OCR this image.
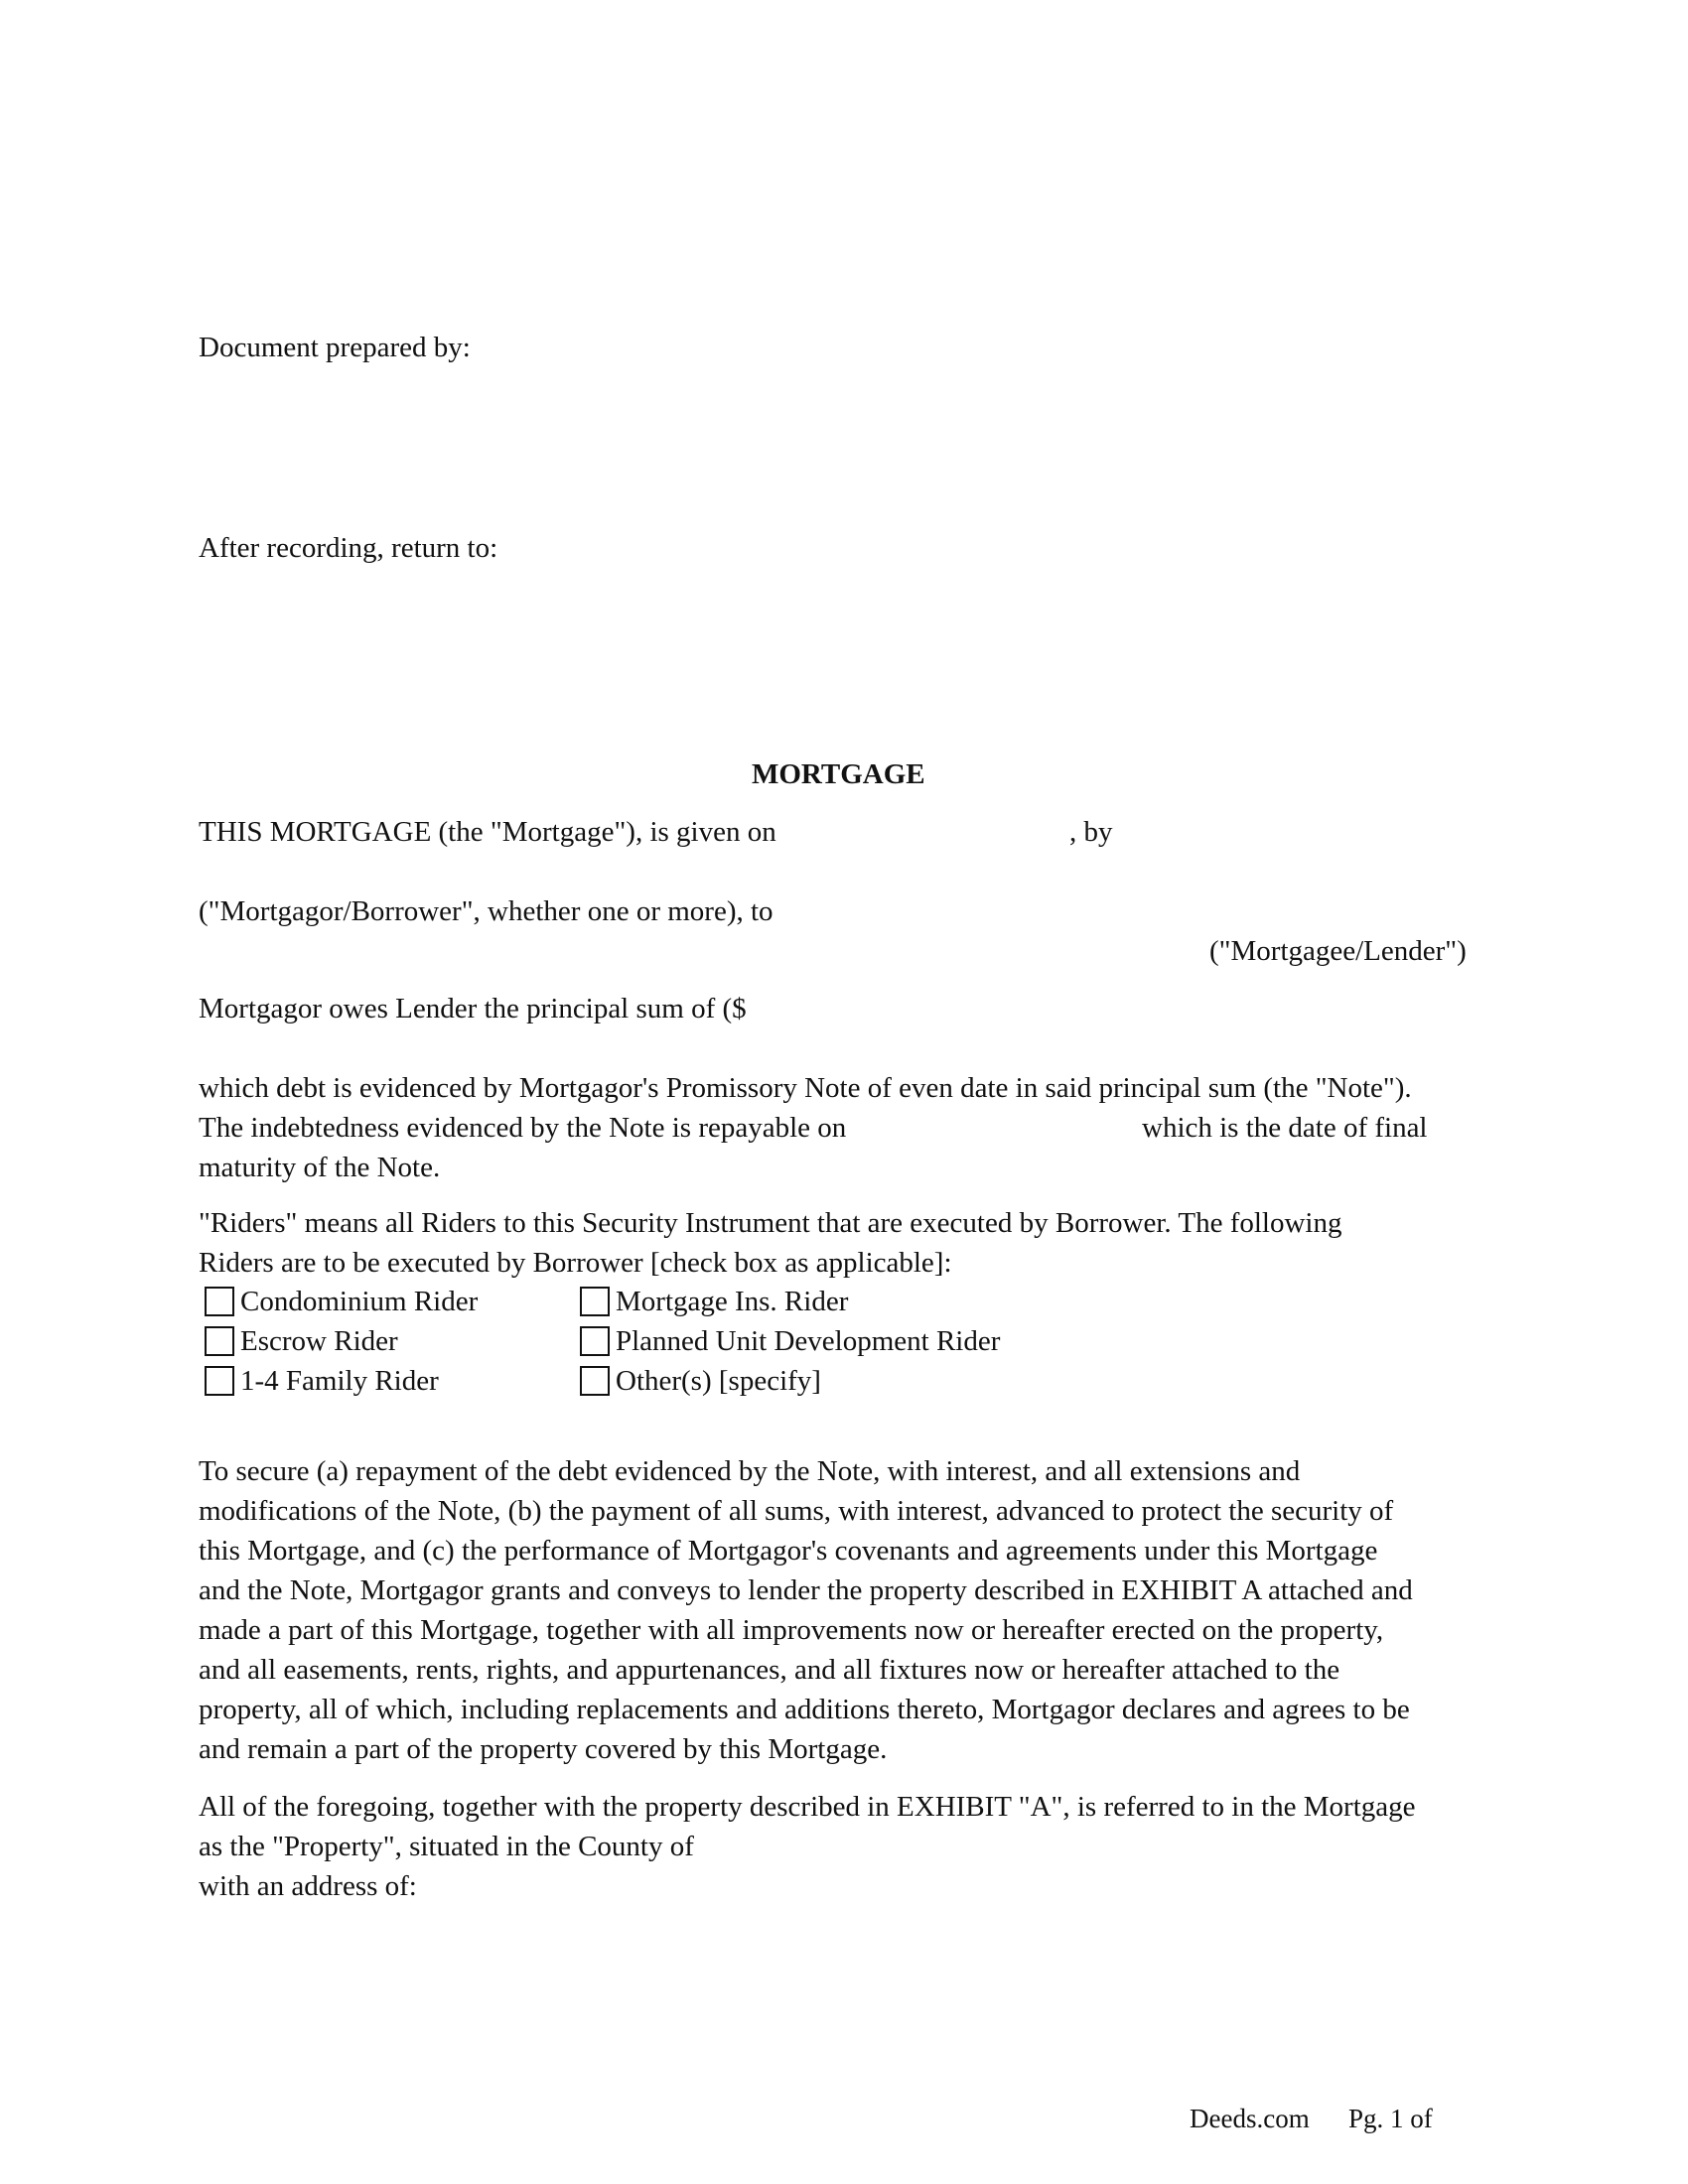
Document prepared by:
After recording, return to:
MORTGAGE
THIS MORTGAGE (the "Mortgage"), is given on	, by
("Mortgagor/Borrower", whether one or more), to
("Mortgagee/Lender")
Mortgagor owes Lender the principal sum of ($
which debt is evidenced by Mortgagor's Promissory Note of even date in said principal sum (the "Note").
The indebtedness evidenced by the Note is repayable on	which is the date of final
maturity of the Note.
"Riders" means all Riders to this Security Instrument that are executed by Borrower. The following
Riders are to be executed by Borrower [check box as applicable]:
Condominium Rider	Mortgage Ins. Rider
Escrow Rider	Planned Unit Development Rider
1-4 Family Rider	Other(s) [specify]
To secure (a) repayment of the debt evidenced by the Note, with interest, and all extensions and
modifications of the Note, (b) the payment of all sums, with interest, advanced to protect the security of
this Mortgage, and (c) the performance of Mortgagor's covenants and agreements under this Mortgage
and the Note, Mortgagor grants and conveys to lender the property described in EXHIBIT A attached and
made a part of this Mortgage, together with all improvements now or hereafter erected on the property,
and all easements, rents, rights, and appurtenances, and all fixtures now or hereafter attached to the
property, all of which, including replacements and additions thereto, Mortgagor declares and agrees to be
and remain a part of the property covered by this Mortgage.
All of the foregoing, together with the property described in EXHIBIT "A", is referred to in the Mortgage
as the "Property", situated in the County of
with an address of:
Deeds.com Pg. 1 of
